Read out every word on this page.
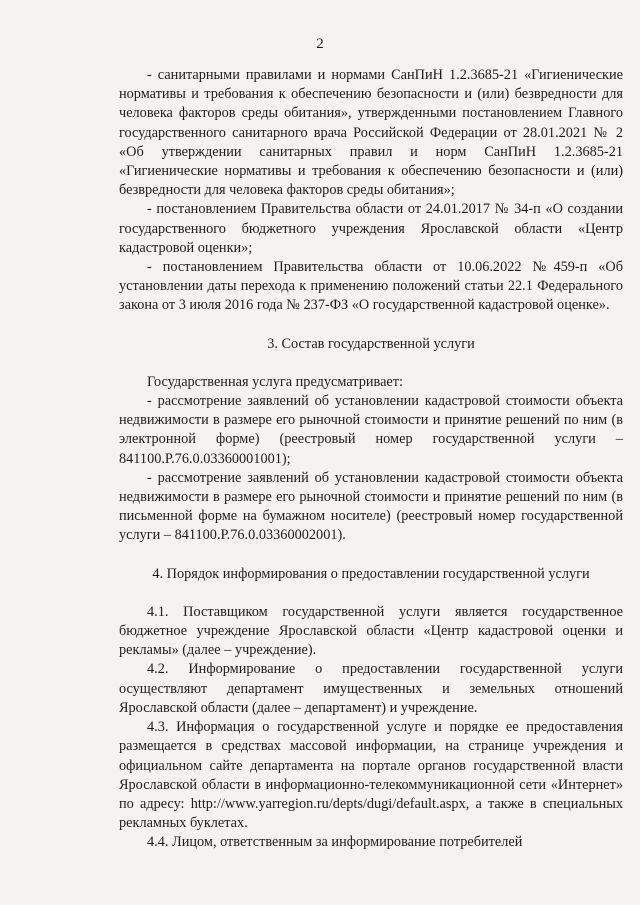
2

- санитарными правилами и нормами СанПиН 1.2.3685-21 «Гигиенические нормативы и требования к обеспечению безопасности и (или) безвредности для человека факторов среды обитания», утвержденными постановлением Главного государственного санитарного врача Российской Федерации от 28.01.2021 № 2 «Об утверждении санитарных правил и норм СанПиН 1.2.3685-21 «Гигиенические нормативы и требования к обеспечению безопасности и (или) безвредности для человека факторов среды обитания»;

- постановлением Правительства области от 24.01.2017 № 34-п «О создании государственного бюджетного учреждения Ярославской области «Центр кадастровой оценки»;

- постановлением Правительства области от 10.06.2022 №459-п «Об установлении даты перехода к применению положений статьи 22.1 Федерального закона от 3 июля 2016 года № 237-ФЗ «О государственной кадастровой оценке».

3. Состав государственной услуги

Государственная услуга предусматривает:

- рассмотрение заявлений об установлении кадастровой стоимости объекта недвижимости в размере его рыночной стоимости и принятие решений по ним (в электронной форме) (реестровый номер государственной услуги – 841100.Р.76.0.03360001001);

- рассмотрение заявлений об установлении кадастровой стоимости объекта недвижимости в размере его рыночной стоимости и принятие решений по ним (в письменной форме на бумажном носителе) (реестровый номер государственной услуги – 841100.Р.76.0.03360002001).

4. Порядок информирования о предоставлении государственной услуги

4.1. Поставщиком государственной услуги является государственное бюджетное учреждение Ярославской области «Центр кадастровой оценки и рекламы» (далее – учреждение).

4.2. Информирование о предоставлении государственной услуги осуществляют департамент имущественных и земельных отношений Ярославской области (далее – департамент) и учреждение.

4.3. Информация о государственной услуге и порядке ее предоставления размещается в средствах массовой информации, на странице учреждения и официальном сайте департамента на портале органов государственной власти Ярославской области в информационно-телекоммуникационной сети «Интернет» по адресу: http://www.yarregion.ru/depts/dugi/default.aspx, а также в специальных рекламных буклетах.

4.4. Лицом, ответственным за информирование потребителей
